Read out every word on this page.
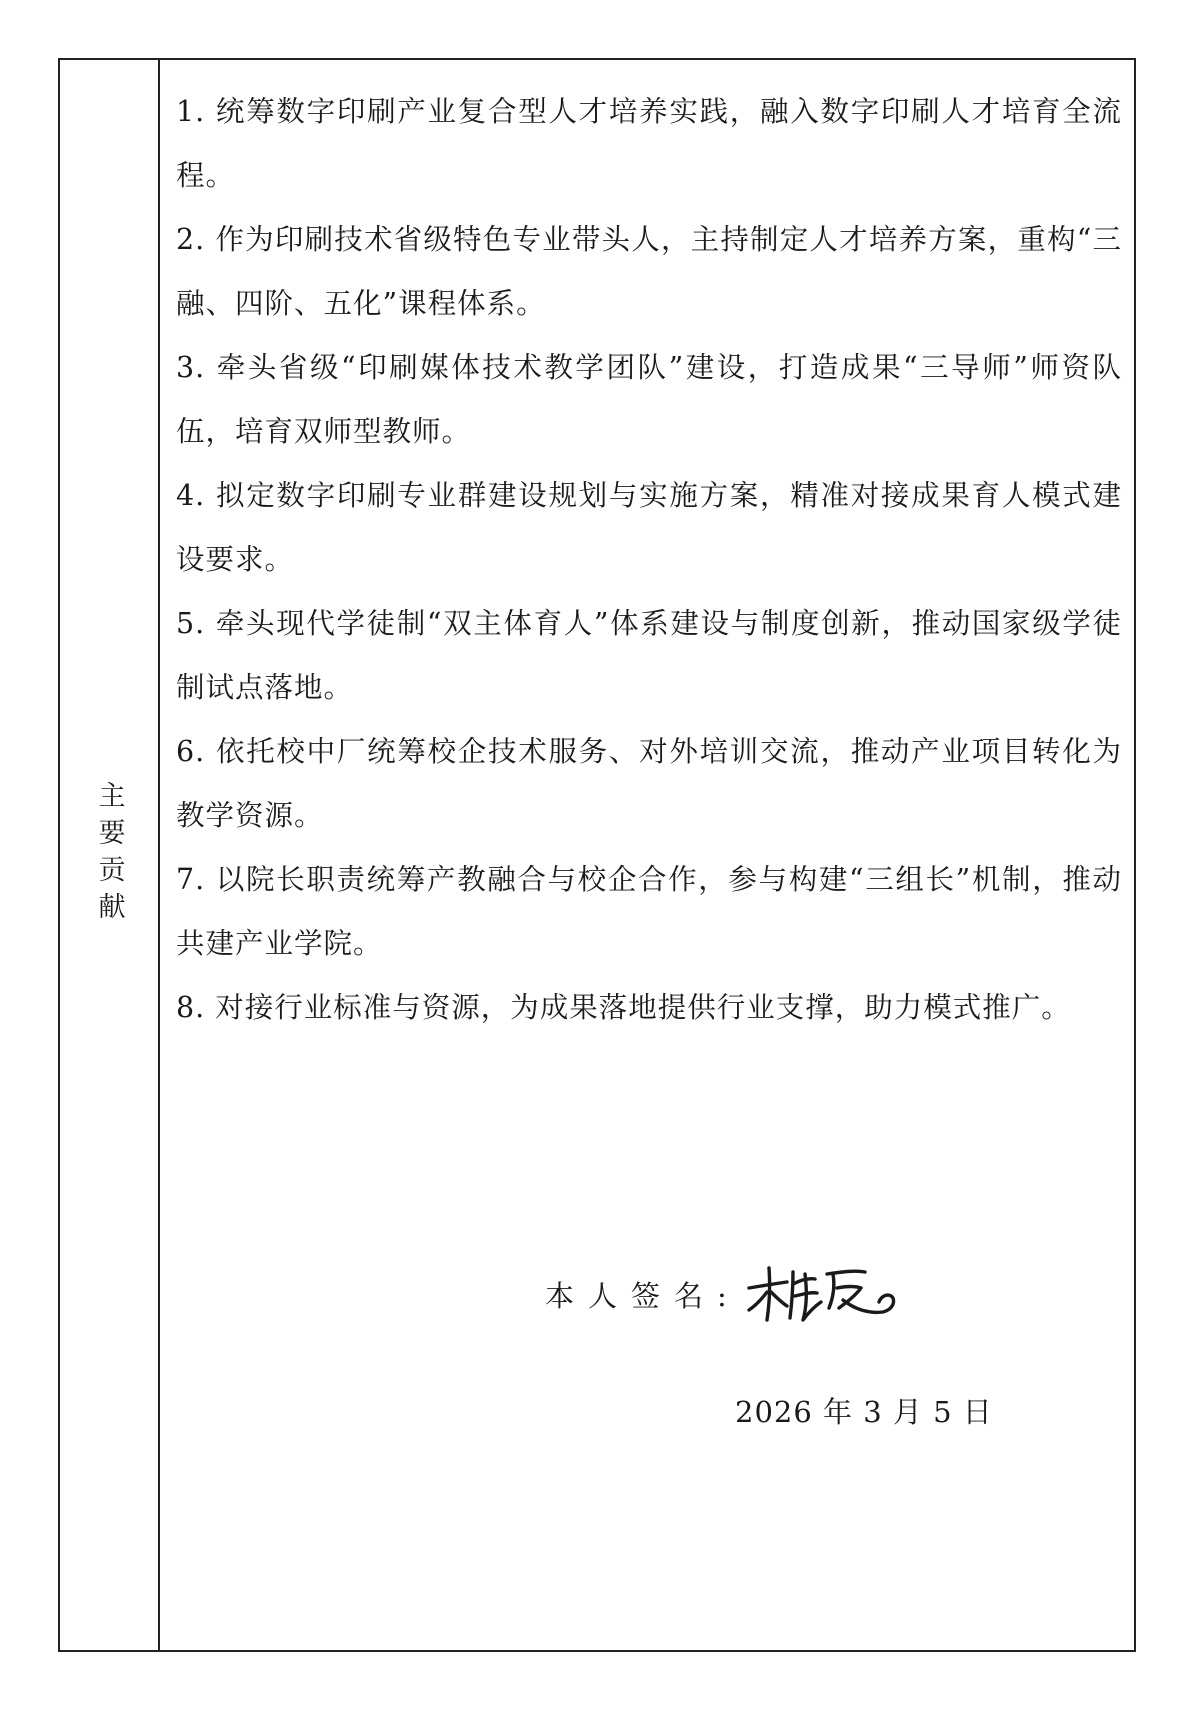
主要贡献

1. 统筹数字印刷产业复合型人才培养实践，融入数字印刷人才培育全流程。

2. 作为印刷技术省级特色专业带头人，主持制定人才培养方案，重构“三融、四阶、五化”课程体系。

3. 牵头省级“印刷媒体技术教学团队”建设，打造成果“三导师”师资队伍，培育双师型教师。

4. 拟定数字印刷专业群建设规划与实施方案，精准对接成果育人模式建设要求。

5. 牵头现代学徒制“双主体育人”体系建设与制度创新，推动国家级学徒制试点落地。

6. 依托校中厂统筹校企技术服务、对外培训交流，推动产业项目转化为教学资源。

7. 以院长职责统筹产教融合与校企合作，参与构建“三组长”机制，推动共建产业学院。

8. 对接行业标准与资源，为成果落地提供行业支撑，助力模式推广。

本人签名:
2026 年 3 月 5 日
